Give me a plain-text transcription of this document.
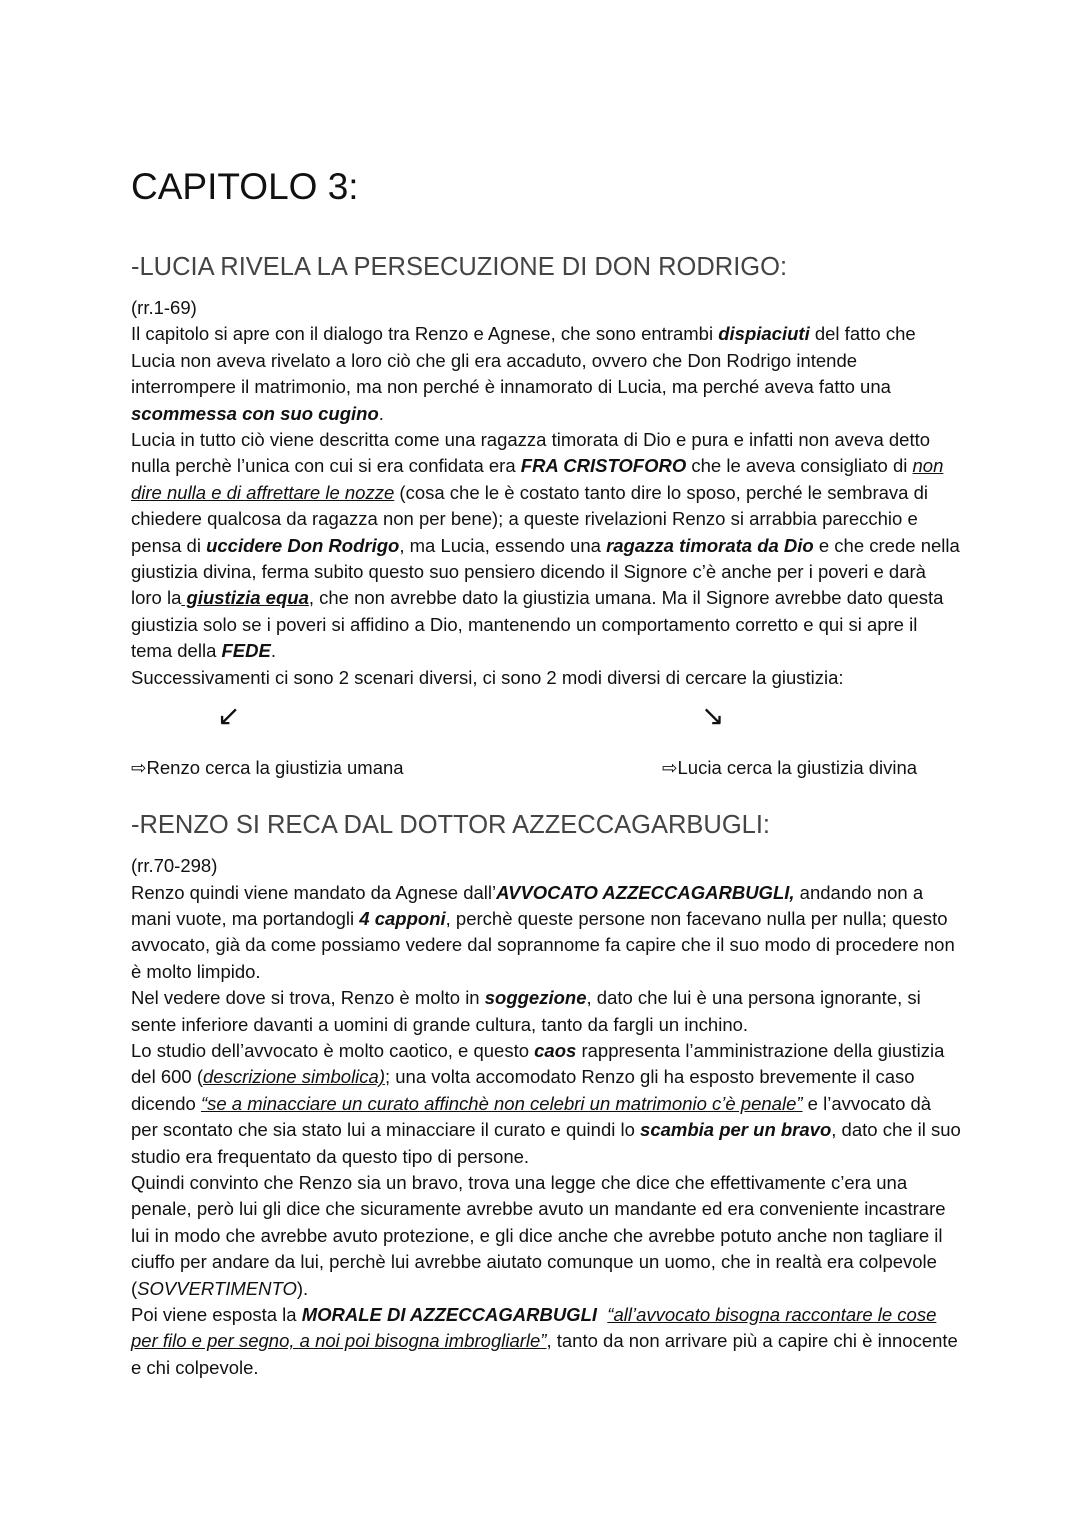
CAPITOLO 3:
-LUCIA RIVELA LA PERSECUZIONE DI DON RODRIGO:

(rr.1-69)

Il capitolo si apre con il dialogo tra Renzo e Agnese, che sono entrambi dispiaciuti del fatto che Lucia non aveva rivelato a loro ciò che gli era accaduto, ovvero che Don Rodrigo intende interrompere il matrimonio, ma non perché è innamorato di Lucia, ma perché aveva fatto una scommessa con suo cugino.

Lucia in tutto ciò viene descritta come una ragazza timorata di Dio e pura e infatti non aveva detto nulla perchè l’unica con cui si era confidata era FRA CRISTOFORO che le aveva consigliato di non dire nulla e di affrettare le nozze (cosa che le è costato tanto dire lo sposo, perché le sembrava di chiedere qualcosa da ragazza non per bene); a queste rivelazioni Renzo si arrabbia parecchio e pensa di uccidere Don Rodrigo, ma Lucia, essendo una ragazza timorata da Dio e che crede nella giustizia divina, ferma subito questo suo pensiero dicendo il Signore c’è anche per i poveri e darà loro la giustizia equa, che non avrebbe dato la giustizia umana. Ma il Signore avrebbe dato questa giustizia solo se i poveri si affidino a Dio, mantenendo un comportamento corretto e qui si apre il tema della FEDE.

Successivamenti ci sono 2 scenari diversi, ci sono 2 modi diversi di cercare la giustizia:

↙	↘
⇨Renzo cerca la giustizia umana	⇨Lucia cerca la giustizia divina
-RENZO SI RECA DAL DOTTOR AZZECCAGARBUGLI:

(rr.70-298)

Renzo quindi viene mandato da Agnese dall’AVVOCATO AZZECCAGARBUGLI, andando non a mani vuote, ma portandogli 4 capponi, perchè queste persone non facevano nulla per nulla; questo avvocato, già da come possiamo vedere dal soprannome fa capire che il suo modo di procedere non è molto limpido.

Nel vedere dove si trova, Renzo è molto in soggezione, dato che lui è una persona ignorante, si sente inferiore davanti a uomini di grande cultura, tanto da fargli un inchino.

Lo studio dell’avvocato è molto caotico, e questo caos rappresenta l’amministrazione della giustizia del 600 (descrizione simbolica); una volta accomodato Renzo gli ha esposto brevemente il caso dicendo “se a minacciare un curato affinchè non celebri un matrimonio c’è penale” e l’avvocato dà per scontato che sia stato lui a minacciare il curato e quindi lo scambia per un bravo, dato che il suo studio era frequentato da questo tipo di persone.

Quindi convinto che Renzo sia un bravo, trova una legge che dice che effettivamente c’era una penale, però lui gli dice che sicuramente avrebbe avuto un mandante ed era conveniente incastrare lui in modo che avrebbe avuto protezione, e gli dice anche che avrebbe potuto anche non tagliare il ciuffo per andare da lui, perchè lui avrebbe aiutato comunque un uomo, che in realtà era colpevole (SOVVERTIMENTO).

Poi viene esposta la MORALE DI AZZECCAGARBUGLI “all’avvocato bisogna raccontare le cose per filo e per segno, a noi poi bisogna imbrogliarle”, tanto da non arrivare più a capire chi è innocente e chi colpevole.
